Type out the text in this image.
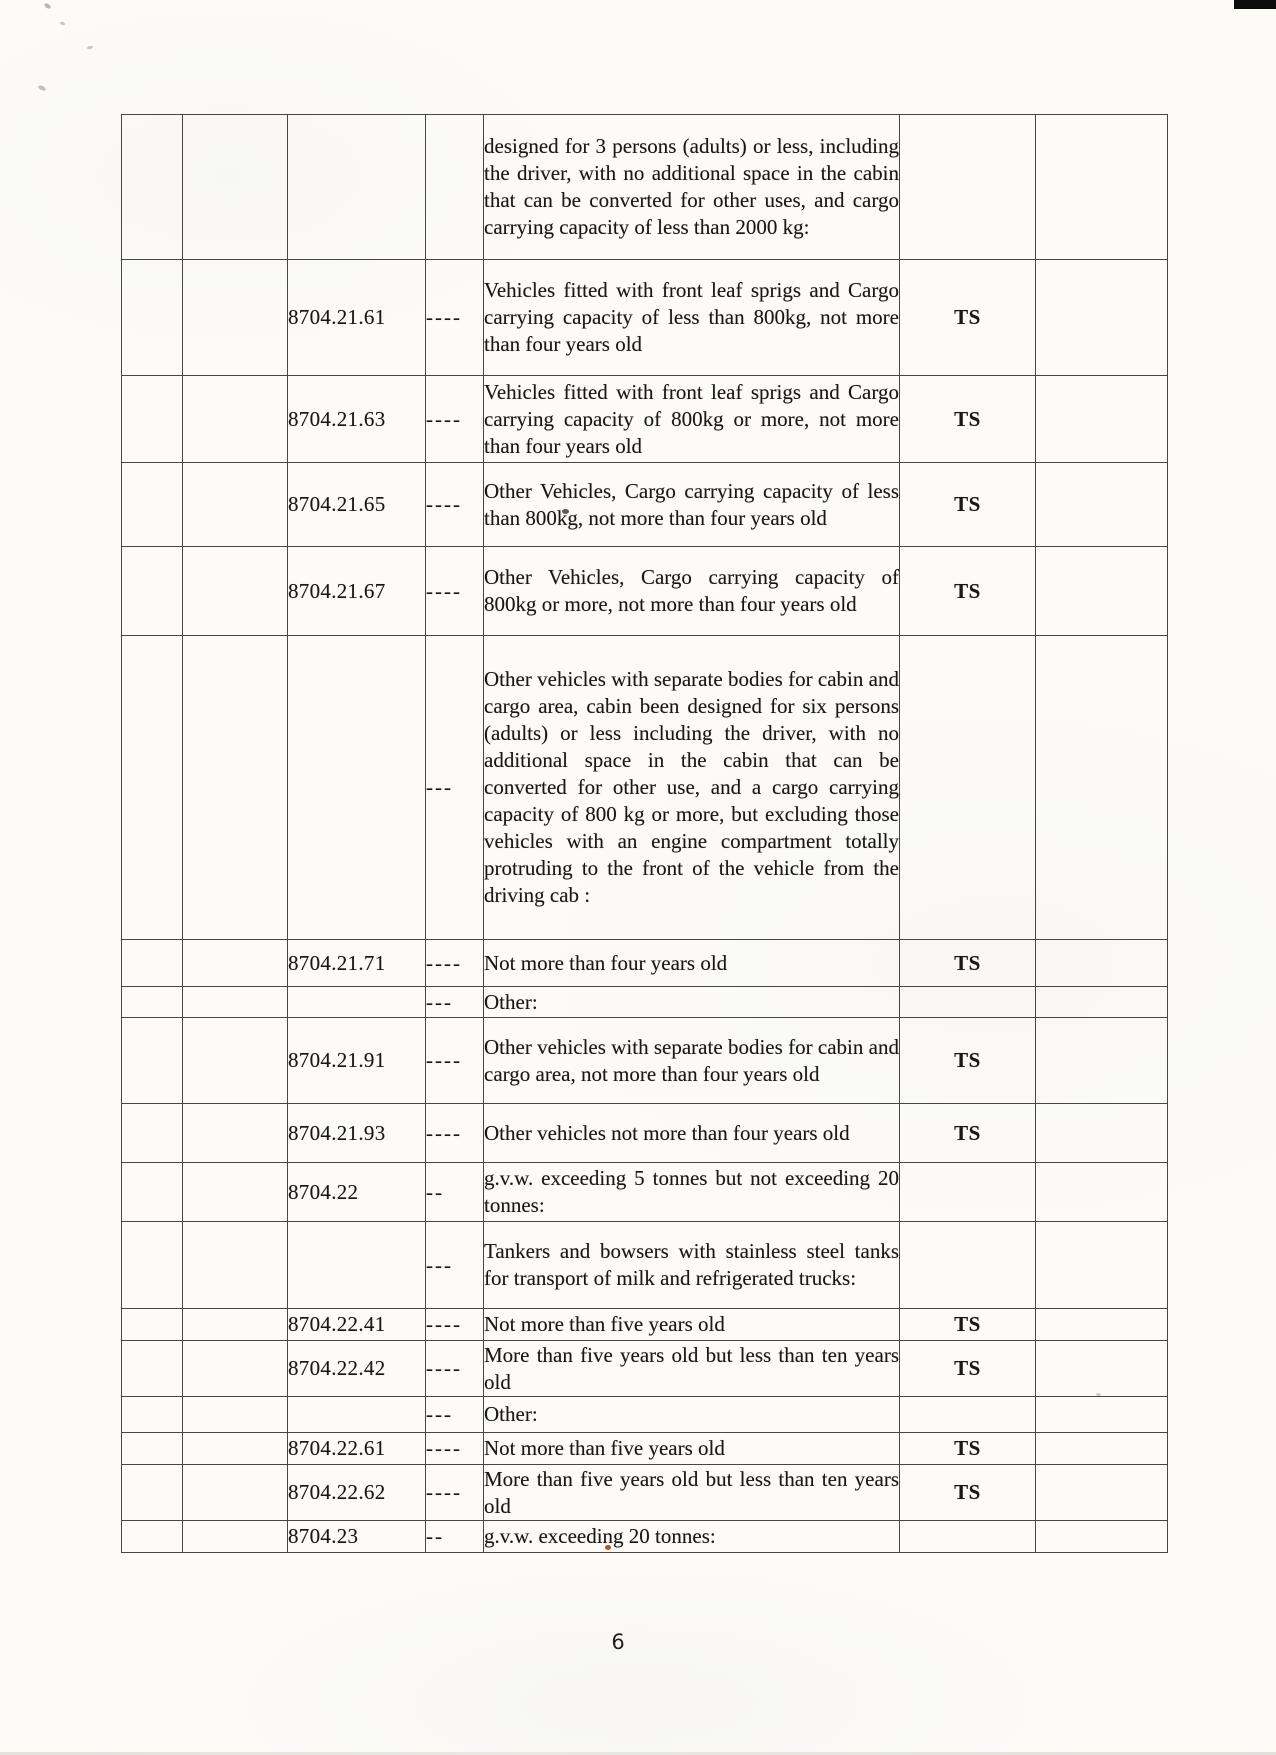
				designed for 3 persons (adults) or less, including the driver, with no additional space in the cabin that can be converted for other uses, and cargo carrying capacity of less than 2000 kg:		
		8704.21.61	----	Vehicles fitted with front leaf sprigs and Cargo carrying capacity of less than 800kg, not more than four years old	TS	
		8704.21.63	----	Vehicles fitted with front leaf sprigs and Cargo carrying capacity of 800kg or more, not more than four years old	TS	
		8704.21.65	----	Other Vehicles, Cargo carrying capacity of less than 800kg, not more than four years old	TS	
		8704.21.67	----	Other Vehicles, Cargo carrying capacity of 800kg or more, not more than four years old	TS	
			---	Other vehicles with separate bodies for cabin and cargo area, cabin been designed for six persons (adults) or less including the driver, with no additional space in the cabin that can be converted for other use, and a cargo carrying capacity of 800 kg or more, but excluding those vehicles with an engine compartment totally protruding to the front of the vehicle from the driving cab :		
		8704.21.71	----	Not more than four years old	TS	
			---	Other:		
		8704.21.91	----	Other vehicles with separate bodies for cabin and cargo area, not more than four years old	TS	
		8704.21.93	----	Other vehicles not more than four years old	TS	
		8704.22	--	g.v.w. exceeding 5 tonnes but not exceeding 20 tonnes:		
			---	Tankers and bowsers with stainless steel tanks for transport of milk and refrigerated trucks:		
		8704.22.41	----	Not more than five years old	TS	
		8704.22.42	----	More than five years old but less than ten years old	TS	
			---	Other:		
		8704.22.61	----	Not more than five years old	TS	
		8704.22.62	----	More than five years old but less than ten years old	TS	
		8704.23	--	g.v.w. exceeding 20 tonnes:		
6
